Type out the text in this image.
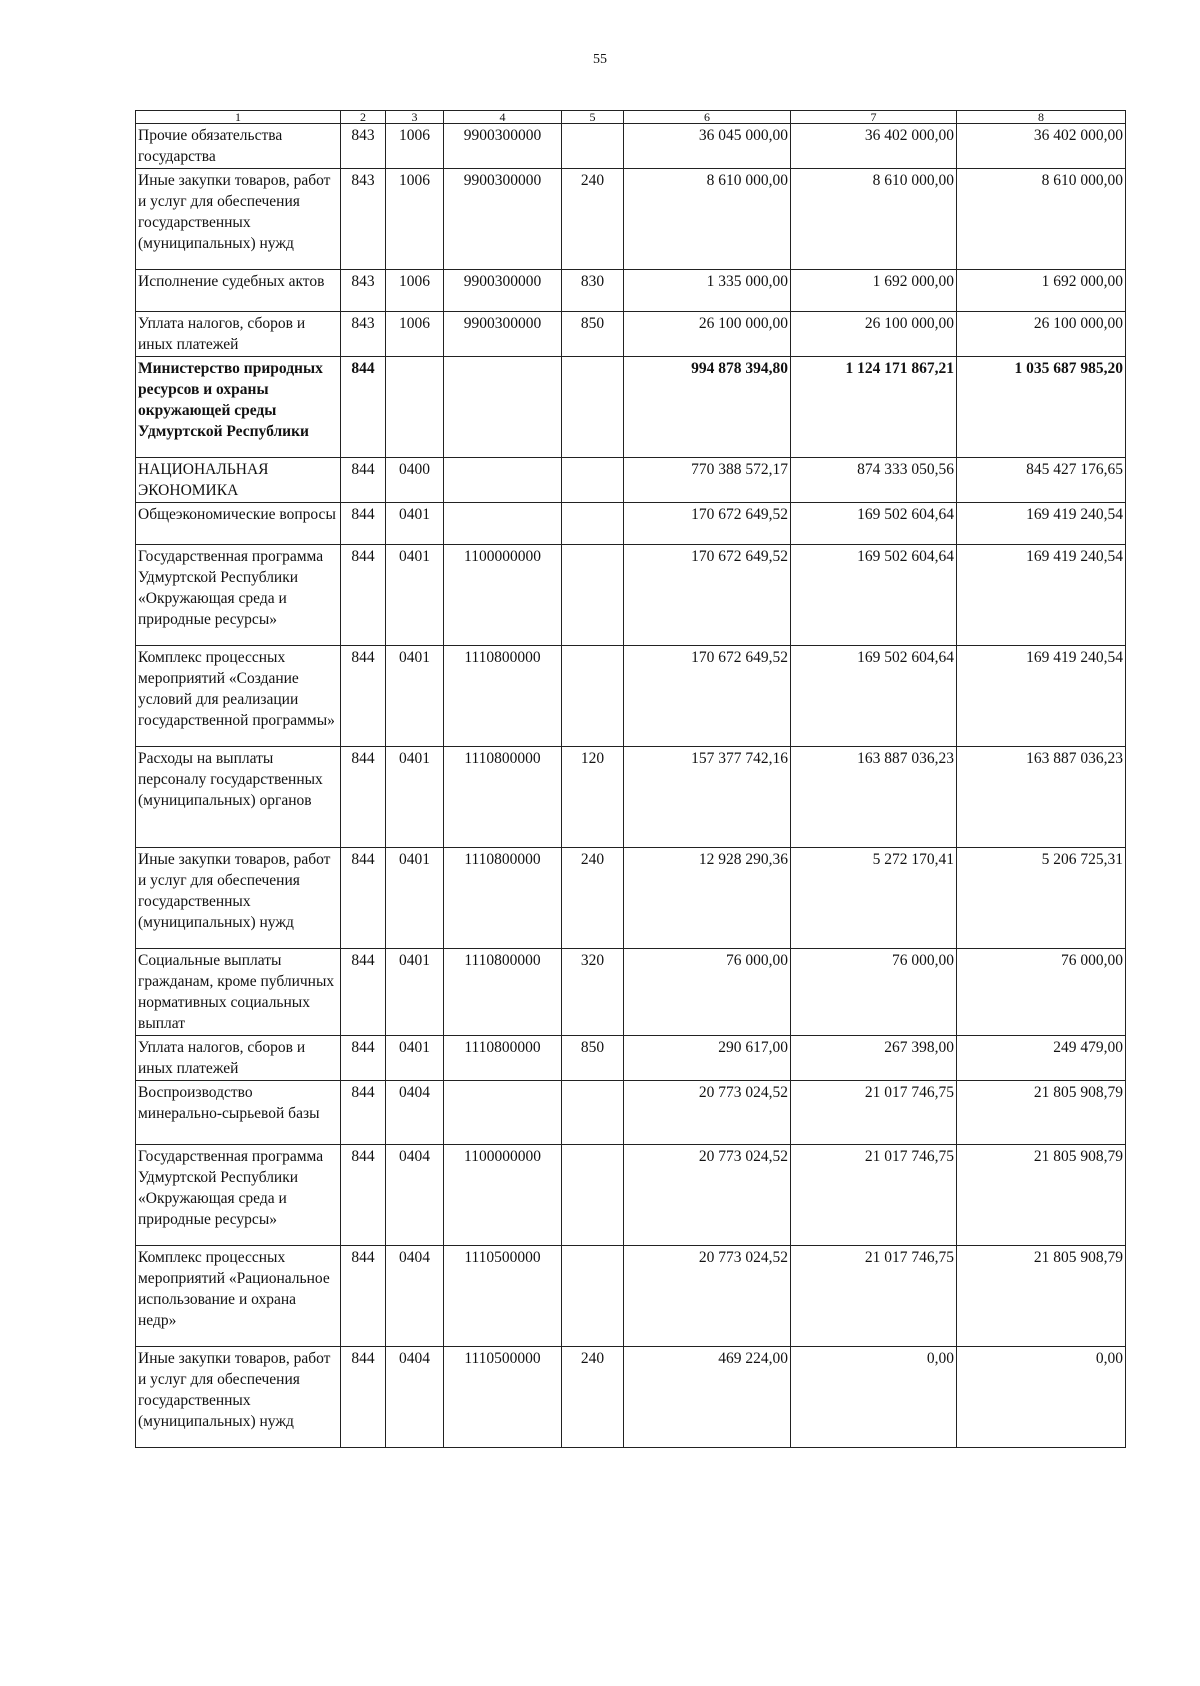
55
1	2	3	4	5	6	7	8
Прочие обязательства государства	843	1006	9900300000		36 045 000,00	36 402 000,00	36 402 000,00
Иные закупки товаров, работ и услуг для обеспечения государственных (муниципальных) нужд	843	1006	9900300000	240	8 610 000,00	8 610 000,00	8 610 000,00
Исполнение судебных актов	843	1006	9900300000	830	1 335 000,00	1 692 000,00	1 692 000,00
Уплата налогов, сборов и иных платежей	843	1006	9900300000	850	26 100 000,00	26 100 000,00	26 100 000,00
Министерство природных ресурсов и охраны окружающей среды Удмуртской Республики	844				994 878 394,80	1 124 171 867,21	1 035 687 985,20
НАЦИОНАЛЬНАЯ ЭКОНОМИКА	844	0400			770 388 572,17	874 333 050,56	845 427 176,65
Общеэкономические вопросы	844	0401			170 672 649,52	169 502 604,64	169 419 240,54
Государственная программа Удмуртской Республики «Окружающая среда и природные ресурсы»	844	0401	1100000000		170 672 649,52	169 502 604,64	169 419 240,54
Комплекс процессных мероприятий «Создание условий для реализации государственной программы»	844	0401	1110800000		170 672 649,52	169 502 604,64	169 419 240,54
Расходы на выплаты персоналу государственных (муниципальных) органов	844	0401	1110800000	120	157 377 742,16	163 887 036,23	163 887 036,23
Иные закупки товаров, работ и услуг для обеспечения государственных (муниципальных) нужд	844	0401	1110800000	240	12 928 290,36	5 272 170,41	5 206 725,31
Социальные выплаты гражданам, кроме публичных нормативных социальных выплат	844	0401	1110800000	320	76 000,00	76 000,00	76 000,00
Уплата налогов, сборов и иных платежей	844	0401	1110800000	850	290 617,00	267 398,00	249 479,00
Воспроизводство минерально-сырьевой базы	844	0404			20 773 024,52	21 017 746,75	21 805 908,79
Государственная программа Удмуртской Республики «Окружающая среда и природные ресурсы»	844	0404	1100000000		20 773 024,52	21 017 746,75	21 805 908,79
Комплекс процессных мероприятий «Рациональное использование и охрана недр»	844	0404	1110500000		20 773 024,52	21 017 746,75	21 805 908,79
Иные закупки товаров, работ и услуг для обеспечения государственных (муниципальных) нужд	844	0404	1110500000	240	469 224,00	0,00	0,00
